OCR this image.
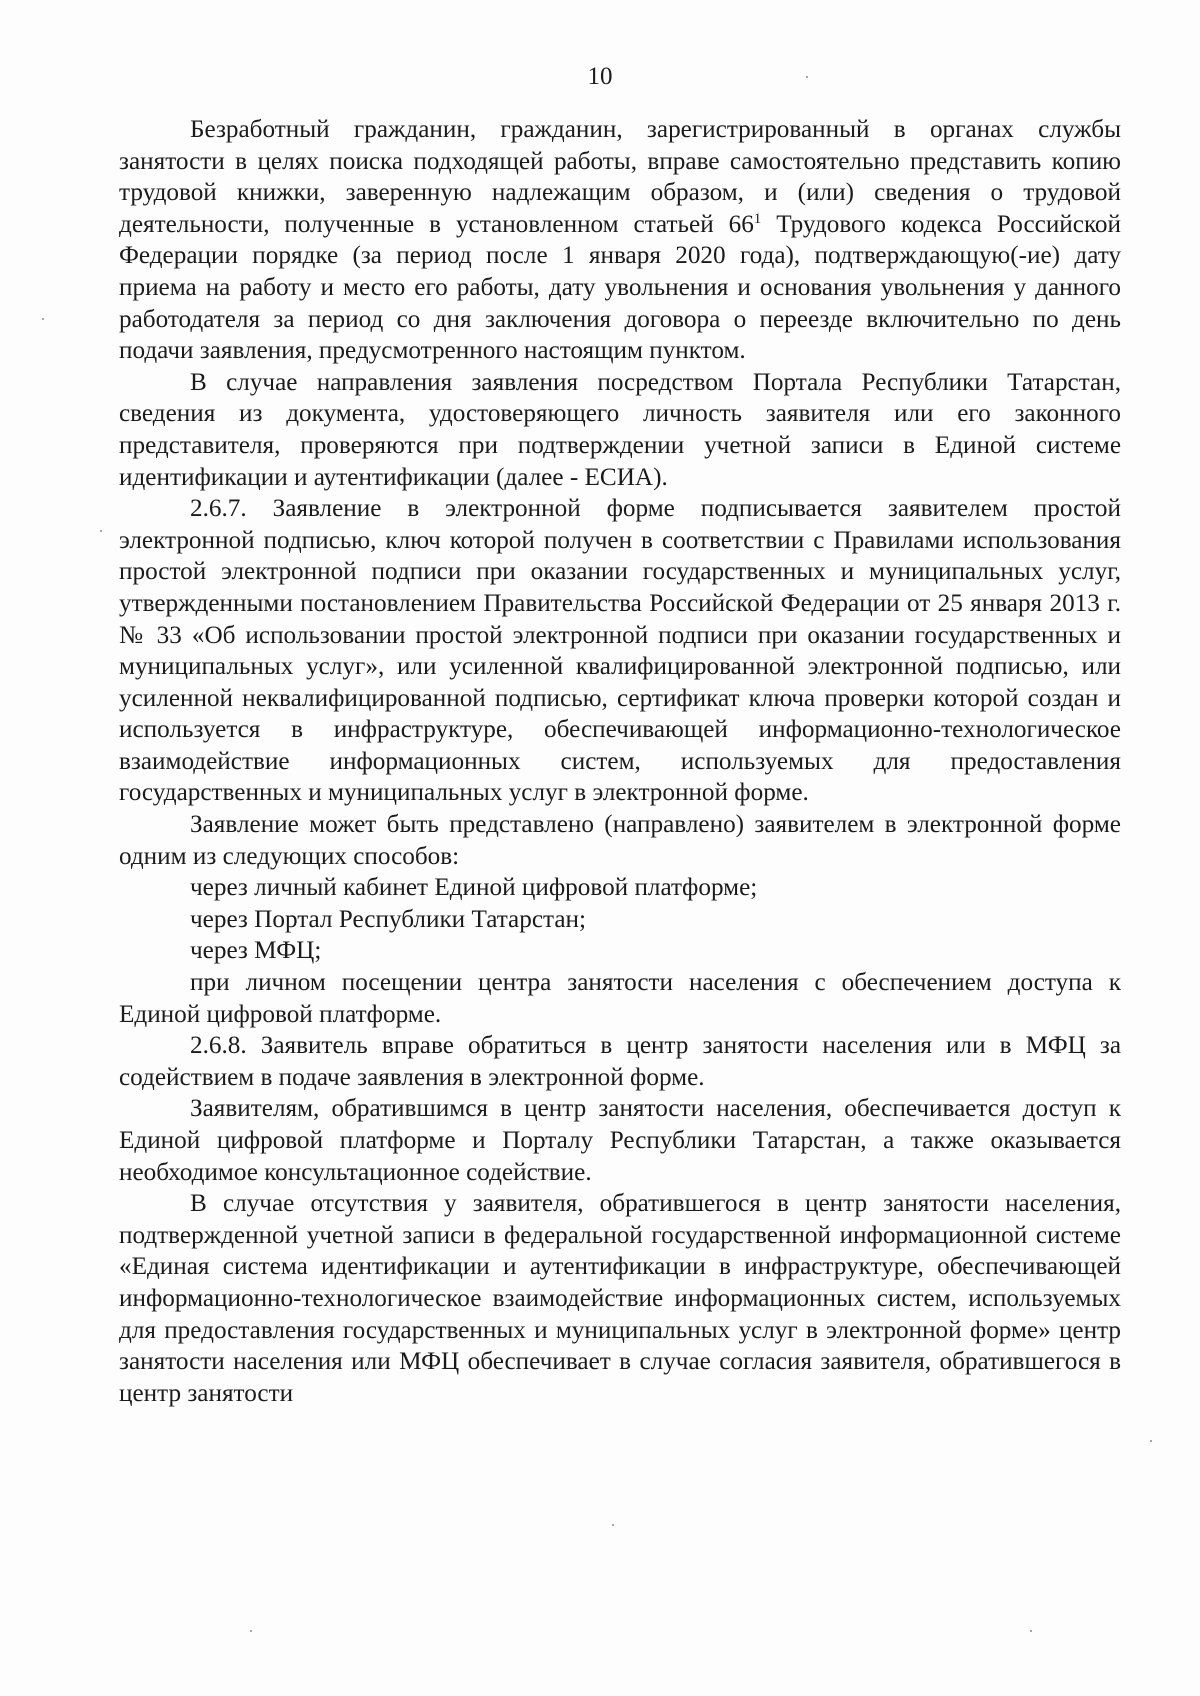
10

Безработный гражданин, гражданин, зарегистрированный в органах службы занятости в целях поиска подходящей работы, вправе самостоятельно представить копию трудовой книжки, заверенную надлежащим образом, и (или) сведения о трудовой деятельности, полученные в установленном статьей $66^1$ Трудового кодекса Российской Федерации порядке (за период после 1 января 2020 года), подтверждающую(-ие) дату приема на работу и место его работы, дату увольнения и основания увольнения у данного работодателя за период со дня заключения договора о переезде включительно по день подачи заявления, предусмотренного настоящим пунктом.

В случае направления заявления посредством Портала Республики Татарстан, сведения из документа, удостоверяющего личность заявителя или его законного представителя, проверяются при подтверждении учетной записи в Единой системе идентификации и аутентификации (далее - ЕСИА).

2.6.7. Заявление в электронной форме подписывается заявителем простой электронной подписью, ключ которой получен в соответствии с Правилами использования простой электронной подписи при оказании государственных и муниципальных услуг, утвержденными постановлением Правительства Российской Федерации от 25 января 2013 г. № 33 «Об использовании простой электронной подписи при оказании государственных и муниципальных услуг», или усиленной квалифицированной электронной подписью, или усиленной неквалифицированной подписью, сертификат ключа проверки которой создан и используется в инфраструктуре, обеспечивающей информационно-технологическое взаимодействие информационных систем, используемых для предоставления государственных и муниципальных услуг в электронной форме.

Заявление может быть представлено (направлено) заявителем в электронной форме одним из следующих способов:

через личный кабинет Единой цифровой платформе;

через Портал Республики Татарстан;

через МФЦ;

при личном посещении центра занятости населения с обеспечением доступа к Единой цифровой платформе.

2.6.8. Заявитель вправе обратиться в центр занятости населения или в МФЦ за содействием в подаче заявления в электронной форме.

Заявителям, обратившимся в центр занятости населения, обеспечивается доступ к Единой цифровой платформе и Порталу Республики Татарстан, а также оказывается необходимое консультационное содействие.

В случае отсутствия у заявителя, обратившегося в центр занятости населения, подтвержденной учетной записи в федеральной государственной информационной системе «Единая система идентификации и аутентификации в инфраструктуре, обеспечивающей информационно-технологическое взаимодействие информационных систем, используемых для предоставления государственных и муниципальных услуг в электронной форме» центр занятости населения или МФЦ обеспечивает в случае согласия заявителя, обратившегося в центр занятости
